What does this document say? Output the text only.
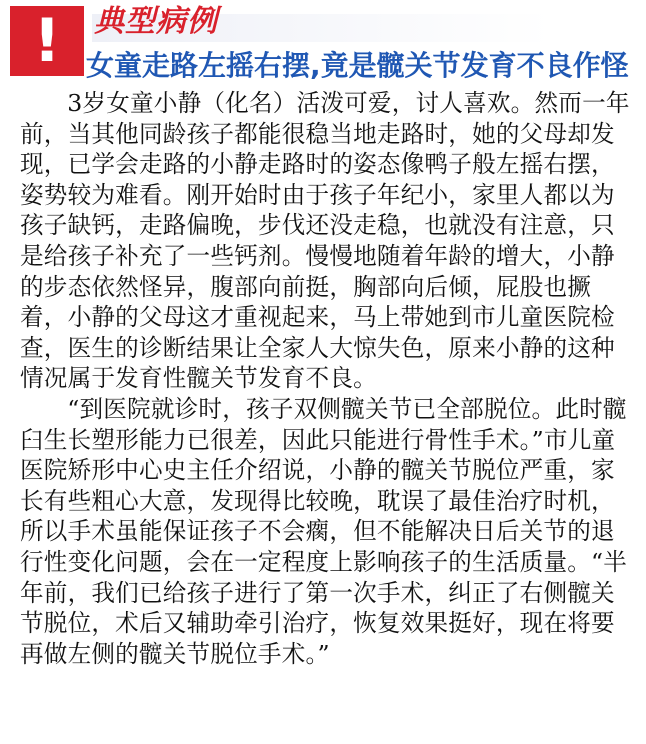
! 典型病例
女童走路左摇右摆,竟是髋关节发育不良作怪

3岁女童小静（化名）活泼可爱，讨人喜欢。然而一年前，当其他同龄孩子都能很稳当地走路时，她的父母却发现，已学会走路的小静走路时的姿态像鸭子般左摇右摆，姿势较为难看。刚开始时由于孩子年纪小，家里人都以为孩子缺钙，走路偏晚，步伐还没走稳，也就没有注意，只是给孩子补充了一些钙剂。慢慢地随着年龄的增大，小静的步态依然怪异，腹部向前挺，胸部向后倾，屁股也撅着，小静的父母这才重视起来，马上带她到市儿童医院检查，医生的诊断结果让全家人大惊失色，原来小静的这种情况属于发育性髋关节发育不良。

“到医院就诊时，孩子双侧髋关节已全部脱位。此时髋臼生长塑形能力已很差，因此只能进行骨性手术。”市儿童医院矫形中心史主任介绍说，小静的髋关节脱位严重，家长有些粗心大意，发现得比较晚，耽误了最佳治疗时机，所以手术虽能保证孩子不会瘸，但不能解决日后关节的退行性变化问题，会在一定程度上影响孩子的生活质量。“半年前，我们已给孩子进行了第一次手术，纠正了右侧髋关节脱位，术后又辅助牵引治疗，恢复效果挺好，现在将要再做左侧的髋关节脱位手术。”
